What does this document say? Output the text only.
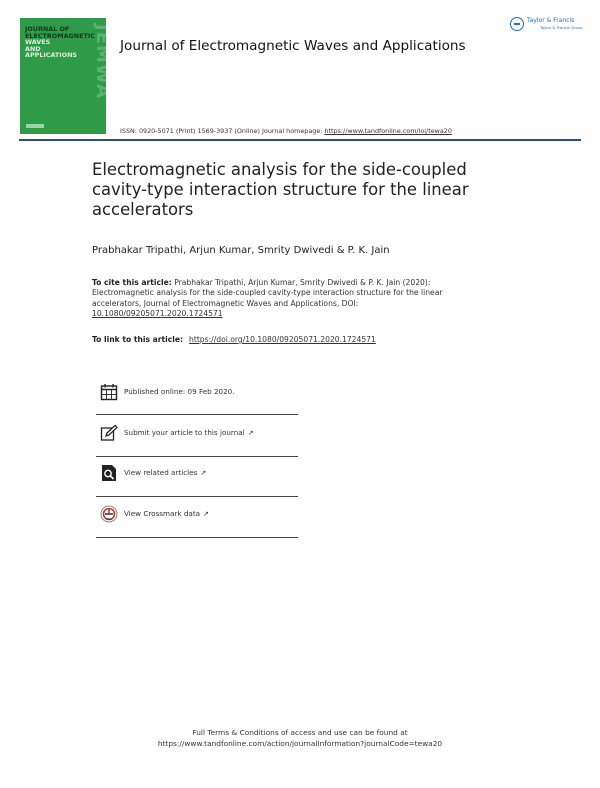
JOURNAL OF
ELECTROMAGNETIC
WAVES
AND
APPLICATIONS JEMWA
Taylor & Francis
Taylor & Francis Group
Journal of Electromagnetic Waves and Applications
ISSN: 0920-5071 (Print) 1569-3937 (Online) Journal homepage: https://www.tandfonline.com/loi/tewa20
Electromagnetic analysis for the side-coupled cavity-type interaction structure for the linear accelerators
Prabhakar Tripathi, Arjun Kumar, Smrity Dwivedi & P. K. Jain
To cite this article: Prabhakar Tripathi, Arjun Kumar, Smrity Dwivedi & P. K. Jain (2020): Electromagnetic analysis for the side-coupled cavity-type interaction structure for the linear accelerators, Journal of Electromagnetic Waves and Applications, DOI: 10.1080/09205071.2020.1724571
To link to this article: https://doi.org/10.1080/09205071.2020.1724571
Published online: 09 Feb 2020.
Submit your article to this journal ↗
View related articles ↗
View Crossmark data ↗
Full Terms & Conditions of access and use can be found at
https://www.tandfonline.com/action/journalInformation?journalCode=tewa20
